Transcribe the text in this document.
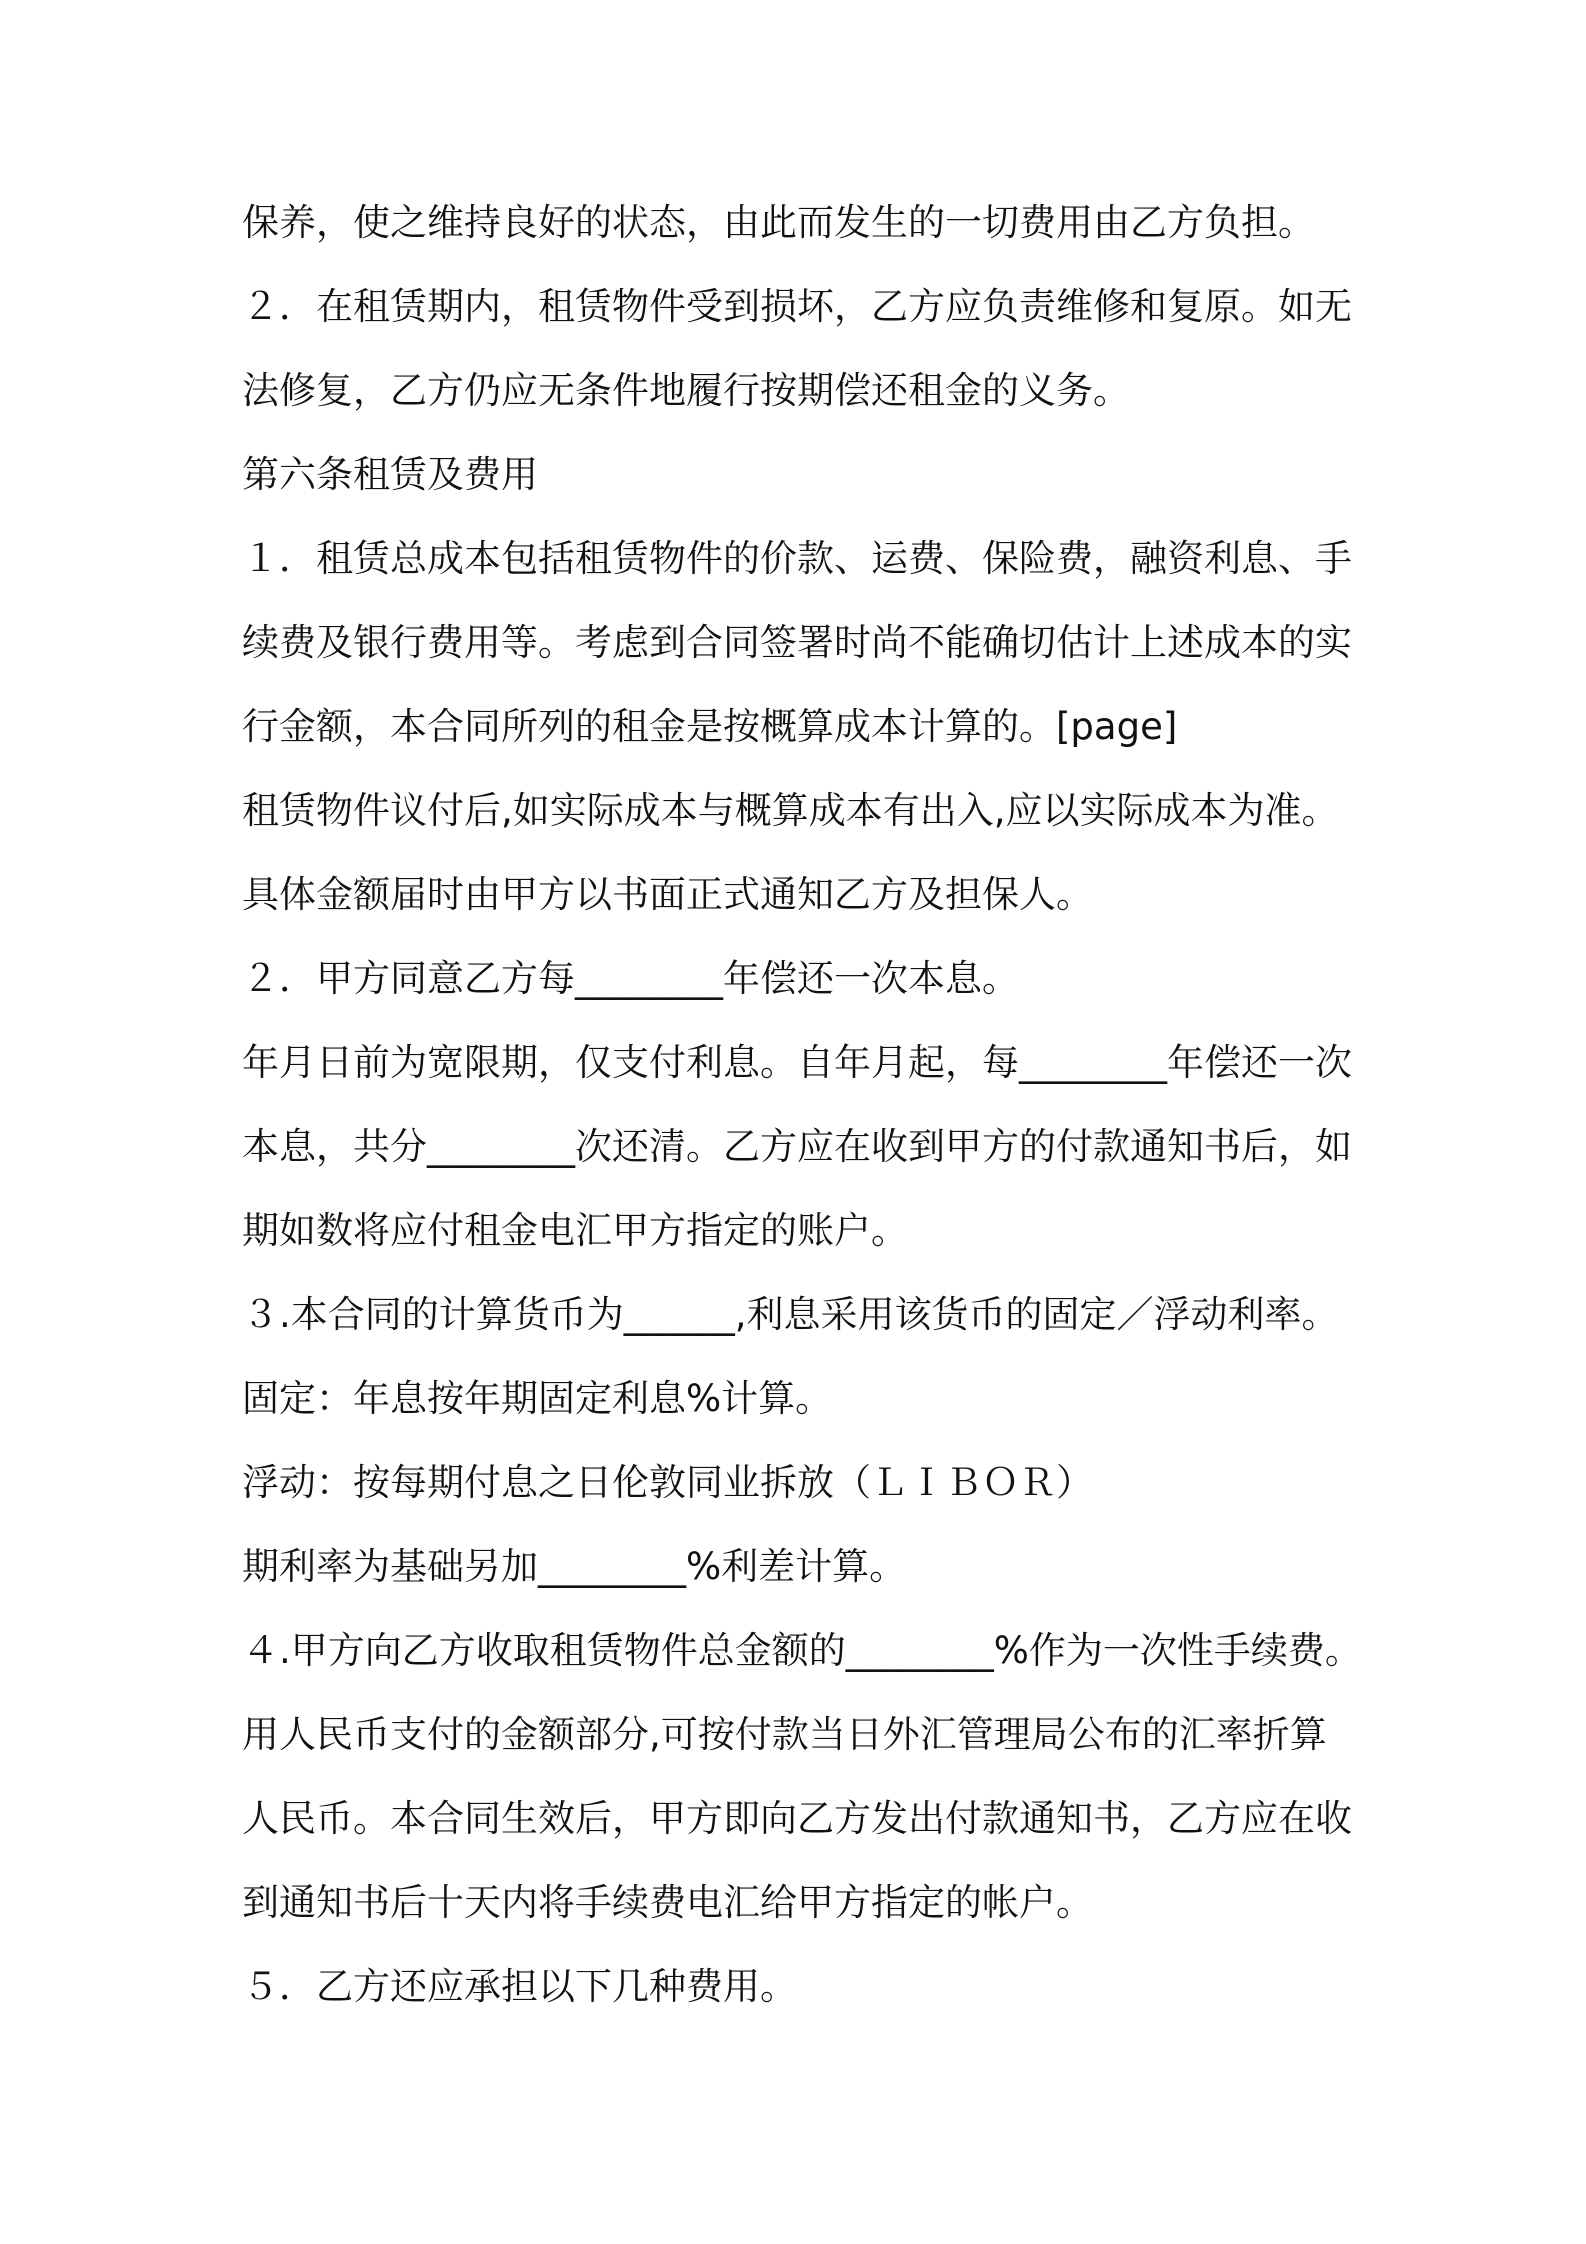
保养，使之维持良好的状态，由此而发生的一切费用由乙方负担。
２．在租赁期内，租赁物件受到损坏，乙方应负责维修和复原。如无
法修复，乙方仍应无条件地履行按期偿还租金的义务。
第六条租赁及费用
１．租赁总成本包括租赁物件的价款、运费、保险费，融资利息、手
续费及银行费用等。考虑到合同签署时尚不能确切估计上述成本的实
行金额，本合同所列的租金是按概算成本计算的。[page]
租赁物件议付后,如实际成本与概算成本有出入,应以实际成本为准。
具体金额届时由甲方以书面正式通知乙方及担保人。
２．甲方同意乙方每________年偿还一次本息。
年月日前为宽限期，仅支付利息。自年月起，每________年偿还一次
本息，共分________次还清。乙方应在收到甲方的付款通知书后，如
期如数将应付租金电汇甲方指定的账户。
３.本合同的计算货币为______,利息采用该货币的固定／浮动利率。
固定：年息按年期固定利息%计算。
浮动：按每期付息之日伦敦同业拆放（ＬＩＢＯＲ）
期利率为基础另加________%利差计算。
４.甲方向乙方收取租赁物件总金额的________%作为一次性手续费。
用人民币支付的金额部分,可按付款当日外汇管理局公布的汇率折算
人民币。本合同生效后，甲方即向乙方发出付款通知书，乙方应在收
到通知书后十天内将手续费电汇给甲方指定的帐户。
５．乙方还应承担以下几种费用。
